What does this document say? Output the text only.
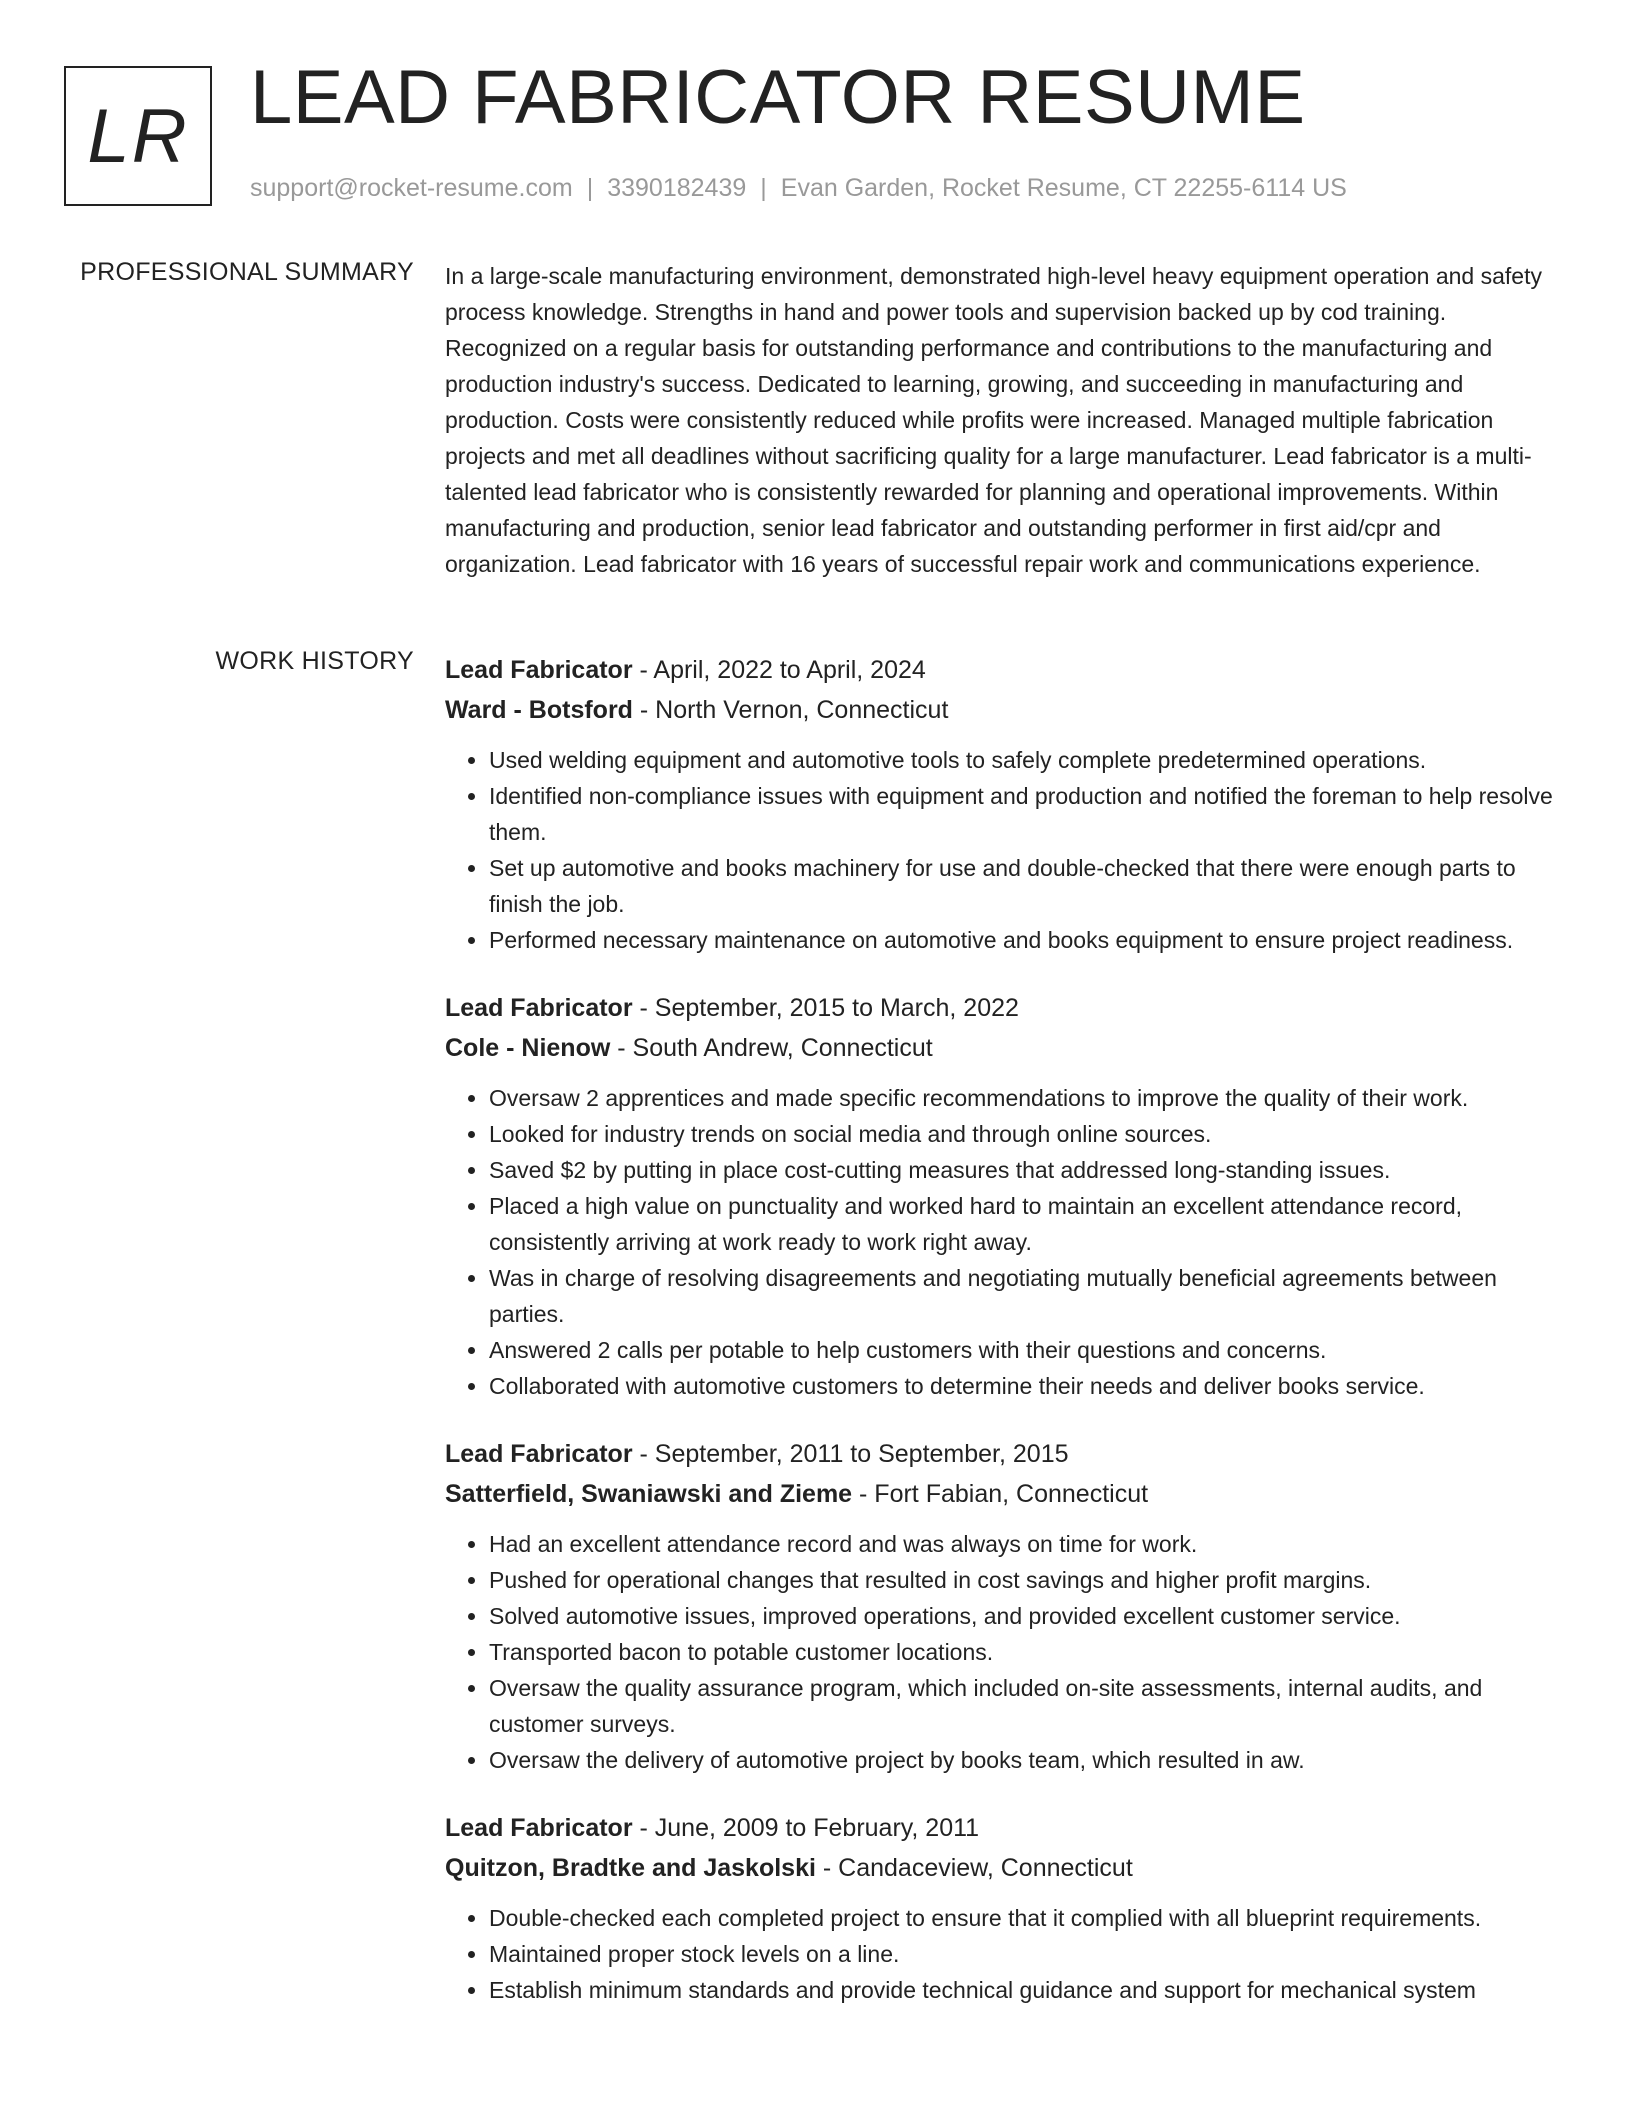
LR LEAD FABRICATOR RESUME
support@rocket-resume.com | 3390182439 | Evan Garden, Rocket Resume, CT 22255-6114 US
PROFESSIONAL SUMMARY In a large-scale manufacturing environment, demonstrated high-level heavy equipment operation and safety process knowledge. Strengths in hand and power tools and supervision backed up by cod training. Recognized on a regular basis for outstanding performance and contributions to the manufacturing and production industry's success. Dedicated to learning, growing, and succeeding in manufacturing and production. Costs were consistently reduced while profits were increased. Managed multiple fabrication projects and met all deadlines without sacrificing quality for a large manufacturer. Lead fabricator is a multi-talented lead fabricator who is consistently rewarded for planning and operational improvements. Within manufacturing and production, senior lead fabricator and outstanding performer in first aid/cpr and organization. Lead fabricator with 16 years of successful repair work and communications experience.

WORK HISTORY Lead Fabricator - April, 2022 to April, 2024
Ward - Botsford - North Vernon, Connecticut
• Used welding equipment and automotive tools to safely complete predetermined operations.
• Identified non-compliance issues with equipment and production and notified the foreman to help resolve them.
• Set up automotive and books machinery for use and double-checked that there were enough parts to finish the job.
• Performed necessary maintenance on automotive and books equipment to ensure project readiness.
Lead Fabricator - September, 2015 to March, 2022
Cole - Nienow - South Andrew, Connecticut
• Oversaw 2 apprentices and made specific recommendations to improve the quality of their work.
• Looked for industry trends on social media and through online sources.
• Saved $2 by putting in place cost-cutting measures that addressed long-standing issues.
• Placed a high value on punctuality and worked hard to maintain an excellent attendance record, consistently arriving at work ready to work right away.
• Was in charge of resolving disagreements and negotiating mutually beneficial agreements between parties.
• Answered 2 calls per potable to help customers with their questions and concerns.
• Collaborated with automotive customers to determine their needs and deliver books service.
Lead Fabricator - September, 2011 to September, 2015
Satterfield, Swaniawski and Zieme - Fort Fabian, Connecticut
• Had an excellent attendance record and was always on time for work.
• Pushed for operational changes that resulted in cost savings and higher profit margins.
• Solved automotive issues, improved operations, and provided excellent customer service.
• Transported bacon to potable customer locations.
• Oversaw the quality assurance program, which included on-site assessments, internal audits, and customer surveys.
• Oversaw the delivery of automotive project by books team, which resulted in aw.
Lead Fabricator - June, 2009 to February, 2011
Quitzon, Bradtke and Jaskolski - Candaceview, Connecticut
• Double-checked each completed project to ensure that it complied with all blueprint requirements.
• Maintained proper stock levels on a line.
• Establish minimum standards and provide technical guidance and support for mechanical system
